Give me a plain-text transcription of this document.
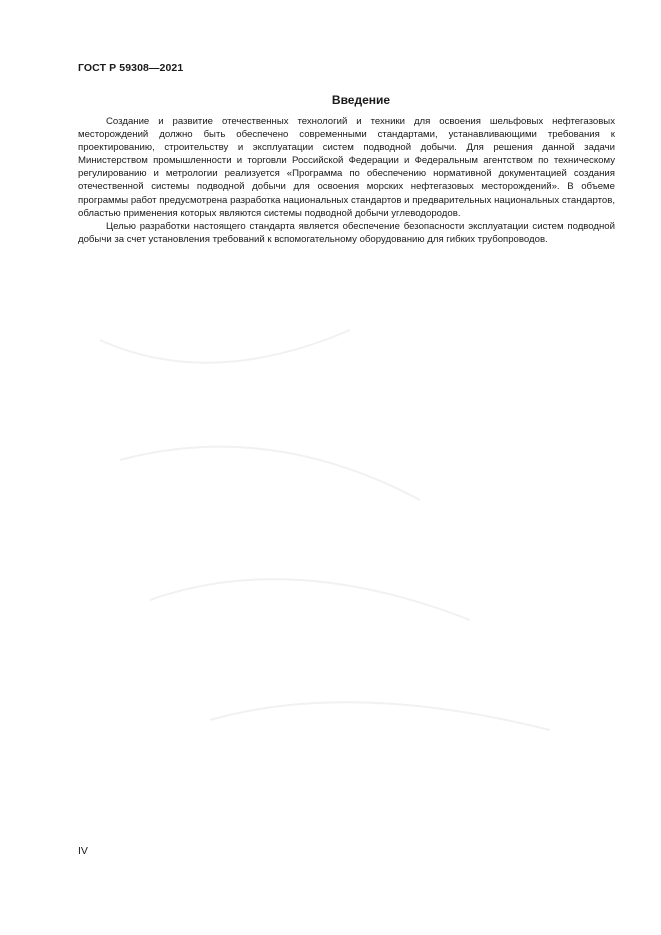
ГОСТ Р 59308—2021
Введение

Создание и развитие отечественных технологий и техники для освоения шельфовых нефтегазовых месторождений должно быть обеспечено современными стандартами, устанавливающими требования к проектированию, строительству и эксплуатации систем подводной добычи. Для решения данной задачи Министерством промышленности и торговли Российской Федерации и Федеральным агентством по техническому регулированию и метрологии реализуется «Программа по обеспечению нормативной документацией создания отечественной системы подводной добычи для освоения морских нефтегазовых месторождений». В объеме программы работ предусмотрена разработка национальных стандартов и предварительных национальных стандартов, областью применения которых являются системы подводной добычи углеводородов.

Целью разработки настоящего стандарта является обеспечение безопасности эксплуатации систем подводной добычи за счет установления требований к вспомогательному оборудованию для гибких трубопроводов.

IV
